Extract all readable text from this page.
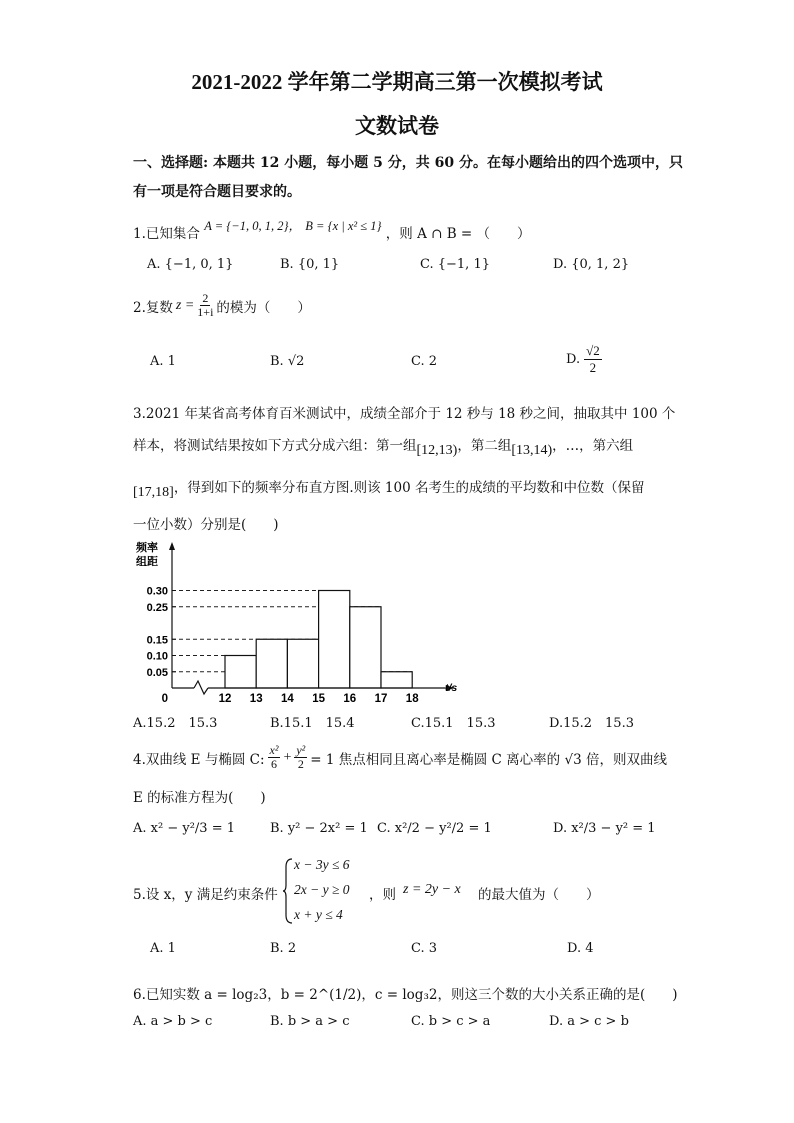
2021-2022 学年第二学期高三第一次模拟考试
文数试卷
一、选择题: 本题共 12 小题，每小题 5 分，共 60 分。在每小题给出的四个选项中，只
有一项是符合题目要求的。
1.已知集合 A = {−1, 0, 1, 2}， B = {x | x² ≤ 1} ，则 A ∩ B = （　　）
A. {−1, 0, 1}	B. {0, 1}	C. {−1, 1}	D. {0, 1, 2}
2.复数 $z = \frac{2}{1+i}$ 的模为（　　）
A. 1	B. √2	C. 2	D. $\frac{√2}{2}$
3.2021 年某省高考体育百米测试中，成绩全部介于 12 秒与 18 秒之间，抽取其中 100 个
样本，将测试结果按如下方式分成六组：第一组[12,13)，第二组[13,14)，…，第六组
[17,18]，得到如下的频率分布直方图.则该 100 名考生的成绩的平均数和中位数（保留
一位小数）分别是(　　)
频率
组距
0.05
0.10
0.15
0.25
0.30
12 13 14 15 16 17 18
0
t/s
A.15.2　15.3	B.15.1　15.4	C.15.1　15.3	D.15.2　15.3
4.双曲线 E 与椭圆 C: $\frac{\text{x²}}{6} + \frac{\text{y²}}{2} = 1$ 焦点相同且离心率是椭圆 C 离心率的 √3 倍，则双曲线
E 的标准方程为(　　)
A. x² − y²/3 = 1	B. y² − 2x² = 1 C. x²/2 − y²/2 = 1	D. x²/3 − y² = 1
5.设 x，y 满足约束条件
x − 3y ≤ 6
2x − y ≥ 0
x + y ≤ 4
，则 z = 2y − x 的最大值为（　　）
A. 1	B. 2	C. 3	D. 4
6.已知实数 a = log₂3，b = 2^(1/2)，c = log₃2，则这三个数的大小关系正确的是(　　)
A. a > b > c	B. b > a > c	C. b > c > a	D. a > c > b
